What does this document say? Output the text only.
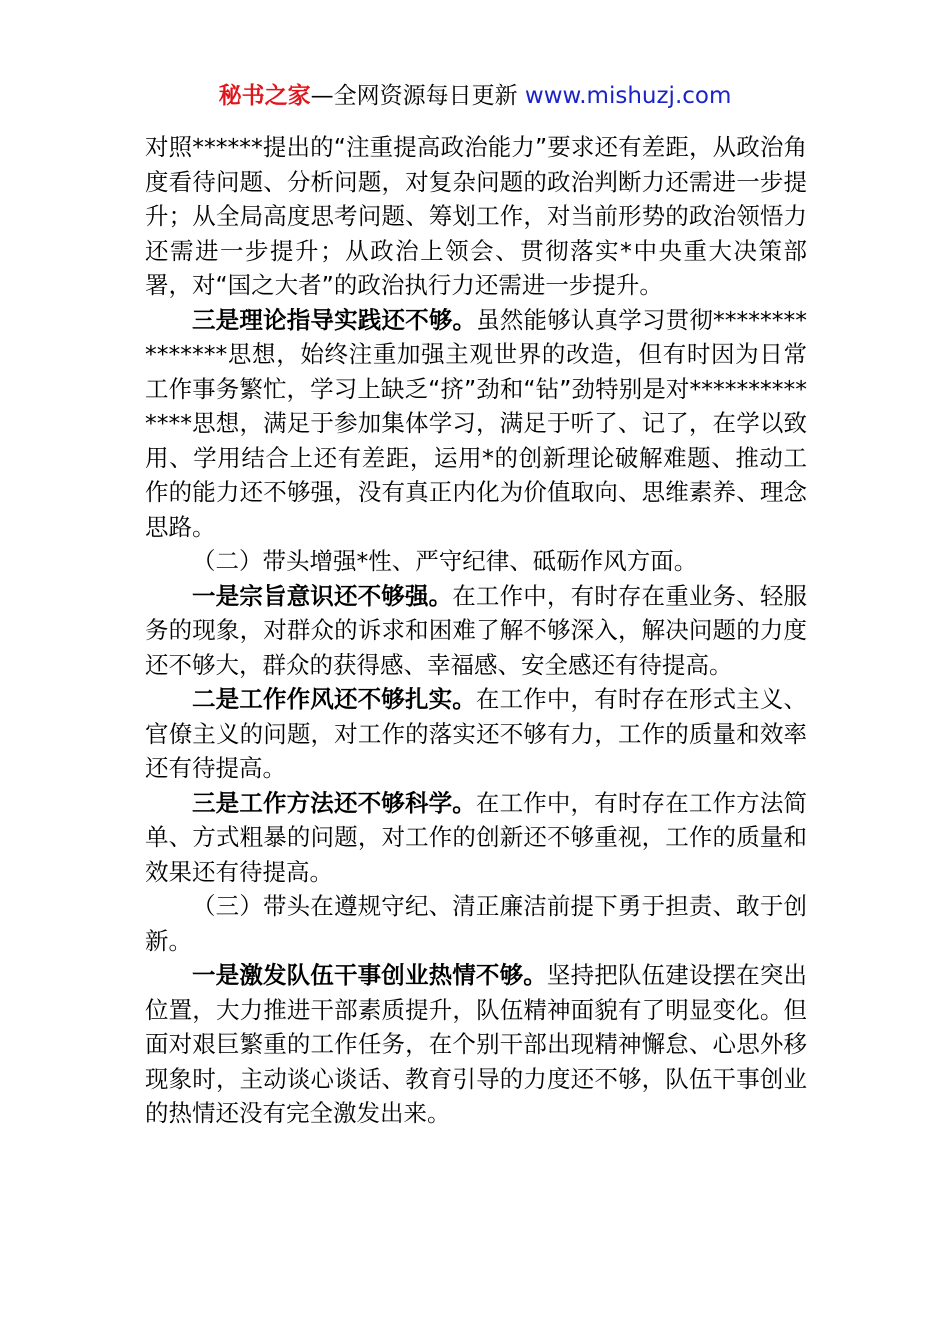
秘书之家—全网资源每日更新 www.mishuzj.com

对照******提出的“注重提高政治能力”要求还有差距，从政治角度看待问题、分析问题，对复杂问题的政治判断力还需进一步提升；从全局高度思考问题、筹划工作，对当前形势的政治领悟力还需进一步提升；从政治上领会、贯彻落实*中央重大决策部署，对“国之大者”的政治执行力还需进一步提升。

三是理论指导实践还不够。虽然能够认真学习贯彻***************思想，始终注重加强主观世界的改造，但有时因为日常工作事务繁忙，学习上缺乏“挤”劲和“钻”劲特别是对**************思想，满足于参加集体学习，满足于听了、记了，在学以致用、学用结合上还有差距，运用*的创新理论破解难题、推动工作的能力还不够强，没有真正内化为价值取向、思维素养、理念思路。

（二）带头增强*性、严守纪律、砥砺作风方面。

一是宗旨意识还不够强。在工作中，有时存在重业务、轻服务的现象，对群众的诉求和困难了解不够深入，解决问题的力度还不够大，群众的获得感、幸福感、安全感还有待提高。

二是工作作风还不够扎实。在工作中，有时存在形式主义、官僚主义的问题，对工作的落实还不够有力，工作的质量和效率还有待提高。

三是工作方法还不够科学。在工作中，有时存在工作方法简单、方式粗暴的问题，对工作的创新还不够重视，工作的质量和效果还有待提高。

（三）带头在遵规守纪、清正廉洁前提下勇于担责、敢于创新。

一是激发队伍干事创业热情不够。坚持把队伍建设摆在突出位置，大力推进干部素质提升，队伍精神面貌有了明显变化。但面对艰巨繁重的工作任务，在个别干部出现精神懈怠、心思外移现象时，主动谈心谈话、教育引导的力度还不够，队伍干事创业的热情还没有完全激发出来。
